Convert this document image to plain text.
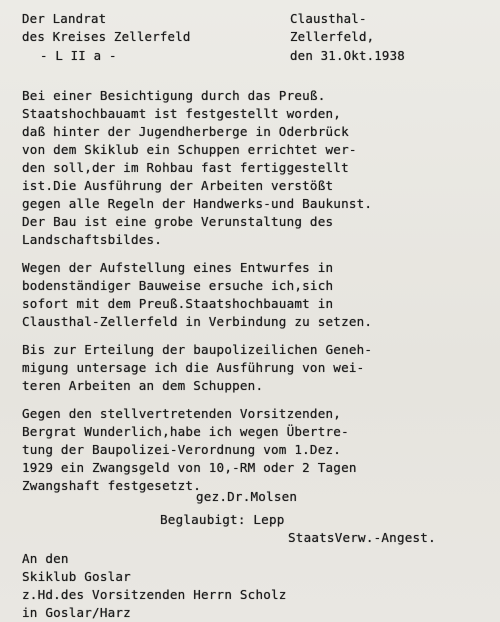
Der Landrat
des Kreises Zellerfeld
- L II a -
Clausthal-
Zellerfeld,
den 31.Okt.1938
Bei einer Besichtigung durch das Preuß.
Staatshochbauamt ist festgestellt worden,
daß hinter der Jugendherberge in Oderbrück
von dem Skiklub ein Schuppen errichtet wer-
den soll,der im Rohbau fast fertiggestellt
ist.Die Ausführung der Arbeiten verstößt
gegen alle Regeln der Handwerks-und Baukunst.
Der Bau ist eine grobe Verunstaltung des
Landschaftsbildes.
Wegen der Aufstellung eines Entwurfes in
bodenständiger Bauweise ersuche ich,sich
sofort mit dem Preuß.Staatshochbauamt in
Clausthal-Zellerfeld in Verbindung zu setzen.
Bis zur Erteilung der baupolizeilichen Geneh-
migung untersage ich die Ausführung von wei-
teren Arbeiten an dem Schuppen.
Gegen den stellvertretenden Vorsitzenden,
Bergrat Wunderlich,habe ich wegen Übertre-
tung der Baupolizei-Verordnung vom 1.Dez.
1929 ein Zwangsgeld von 10,-RM oder 2 Tagen
Zwangshaft festgesetzt.
gez.Dr.Molsen
Beglaubigt: Lepp
StaatsVerw.-Angest.
An den
Skiklub Goslar
z.Hd.des Vorsitzenden Herrn Scholz
in Goslar/Harz
